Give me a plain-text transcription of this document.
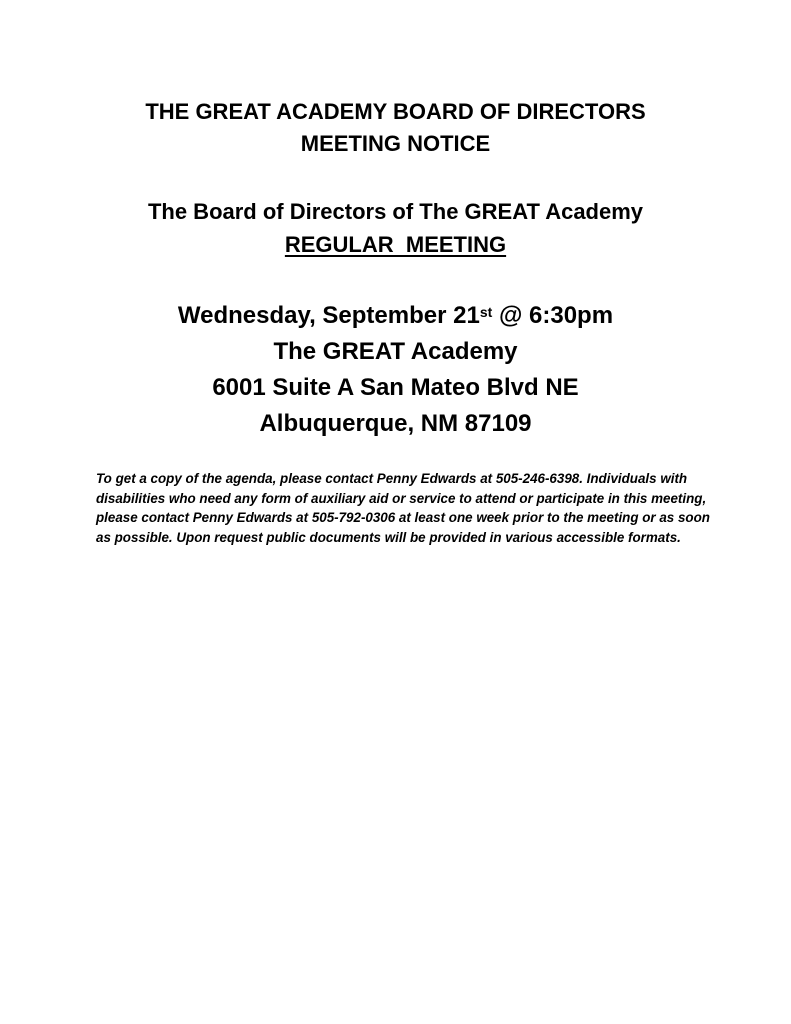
THE GREAT ACADEMY BOARD OF DIRECTORS
MEETING NOTICE
The Board of Directors of The GREAT Academy
REGULAR  MEETING
Wednesday, September 21st @ 6:30pm
The GREAT Academy
6001 Suite A San Mateo Blvd NE
Albuquerque, NM 87109
To get a copy of the agenda, please contact Penny Edwards at 505-246-6398. Individuals with disabilities who need any form of auxiliary aid or service to attend or participate in this meeting, please contact Penny Edwards at 505-792-0306 at least one week prior to the meeting or as soon as possible. Upon request public documents will be provided in various accessible formats.
